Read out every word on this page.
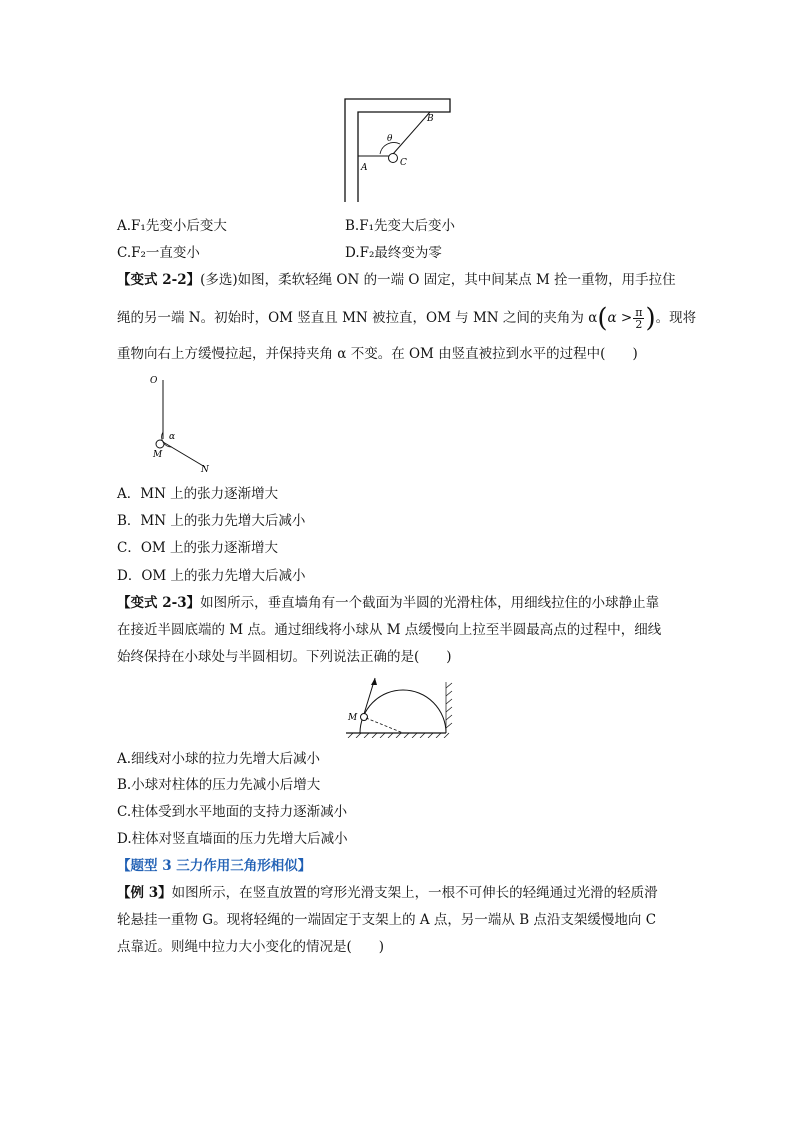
B
θ
A	C
A.F₁先变小后变大	B.F₁先变大后变小
C.F₂一直变小	D.F₂最终变为零
【变式 2-2】(多选)如图，柔软轻绳 ON 的一端 O 固定，其中间某点 M 拴一重物，用手拉住
绳的另一端 N。初始时，OM 竖直且 MN 被拉直，OM 与 MN 之间的夹角为 $\alpha(\alpha > \frac{\pi}{2}$ )。现将
重物向右上方缓慢拉起，并保持夹角 α 不变。在 OM 由竖直被拉到水平的过程中(　　)
O
α
M
N
A．MN 上的张力逐渐增大
B．MN 上的张力先增大后减小
C．OM 上的张力逐渐增大
D．OM 上的张力先增大后减小
【变式 2-3】如图所示，垂直墙角有一个截面为半圆的光滑柱体，用细线拉住的小球静止靠
在接近半圆底端的 M 点。通过细线将小球从 M 点缓慢向上拉至半圆最高点的过程中，细线
始终保持在小球处与半圆相切。下列说法正确的是(　　)
M
A.细线对小球的拉力先增大后减小
B.小球对柱体的压力先减小后增大
C.柱体受到水平地面的支持力逐渐减小
D.柱体对竖直墙面的压力先增大后减小
【题型 3 三力作用三角形相似】
【例 3】如图所示，在竖直放置的穹形光滑支架上，一根不可伸长的轻绳通过光滑的轻质滑
轮悬挂一重物 G。现将轻绳的一端固定于支架上的 A 点，另一端从 B 点沿支架缓慢地向 C
点靠近。则绳中拉力大小变化的情况是(　　)
